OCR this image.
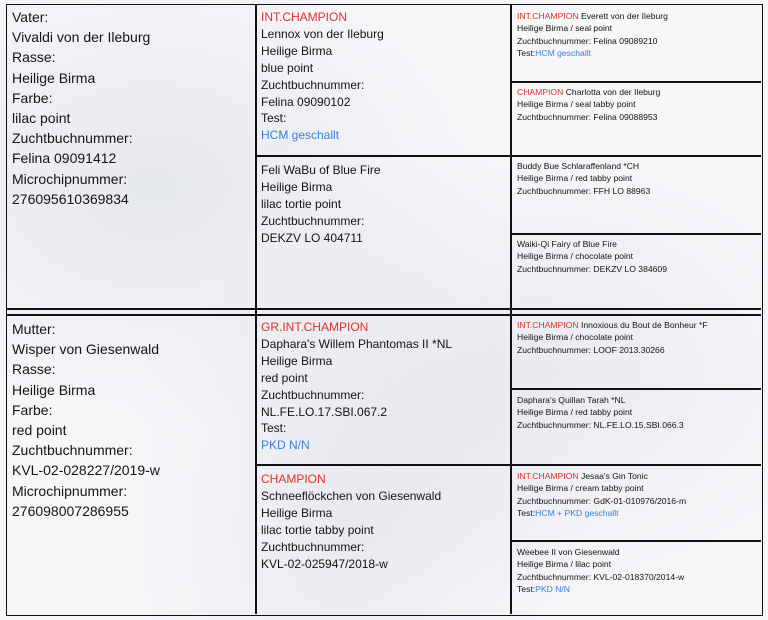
Vater:
Vivaldi von der Ileburg
Rasse:
Heilige Birma
Farbe:
lilac point
Zuchtbuchnummer:
Felina 09091412
Microchipnummer:
276095610369834
Mutter:
Wisper von Giesenwald
Rasse:
Heilige Birma
Farbe:
red point
Zuchtbuchnummer:
KVL-02-028227/2019-w
Microchipnummer:
276098007286955
INT.CHAMPION
Lennox von der Ileburg
Heilige Birma
blue point
Zuchtbuchnummer:
Felina 09090102
Test:
HCM geschallt
Feli WaBu of Blue Fire
Heilige Birma
lilac tortie point
Zuchtbuchnummer:
DEKZV LO 404711
GR.INT.CHAMPION
Daphara's Willem Phantomas II *NL
Heilige Birma
red point
Zuchtbuchnummer:
NL.FE.LO.17.SBI.067.2
Test:
PKD N/N
CHAMPION
Schneeflöckchen von Giesenwald
Heilige Birma
lilac tortie tabby point
Zuchtbuchnummer:
KVL-02-025947/2018-w
INT.CHAMPION Everett von der Ileburg
Heilige Birma / seal point
Zuchtbuchnummer: Felina 09089210
Test:HCM geschallt
CHAMPION Charlotta von der Ileburg
Heilige Birma / seal tabby point
Zuchtbuchnummer: Felina 09088953
Buddy Bue Schlaraffenland *CH
Heilige Birma / red tabby point
Zuchtbuchnummer: FFH LO 88963
Waiki-Qi Fairy of Blue Fire
Heilige Birma / chocolate point
Zuchtbuchnummer: DEKZV LO 384609
INT.CHAMPION Innoxious du Bout de Bonheur *F
Heilige Birma / chocolate point
Zuchtbuchnummer: LOOF 2013.30266
Daphara's Quillan Tarah *NL
Heilige Birma / red tabby point
Zuchtbuchnummer: NL.FE.LO.15.SBI.066.3
INT.CHAMPION Jesaa's Gin Tonic
Heilige Birma / cream tabby point
Zuchtbuchnummer: GdK-01-010976/2016-m
Test:HCM + PKD geschallt
Weebee II von Giesenwald
Heilige Birma / lilac point
Zuchtbuchnummer: KVL-02-018370/2014-w
Test:PKD N/N
